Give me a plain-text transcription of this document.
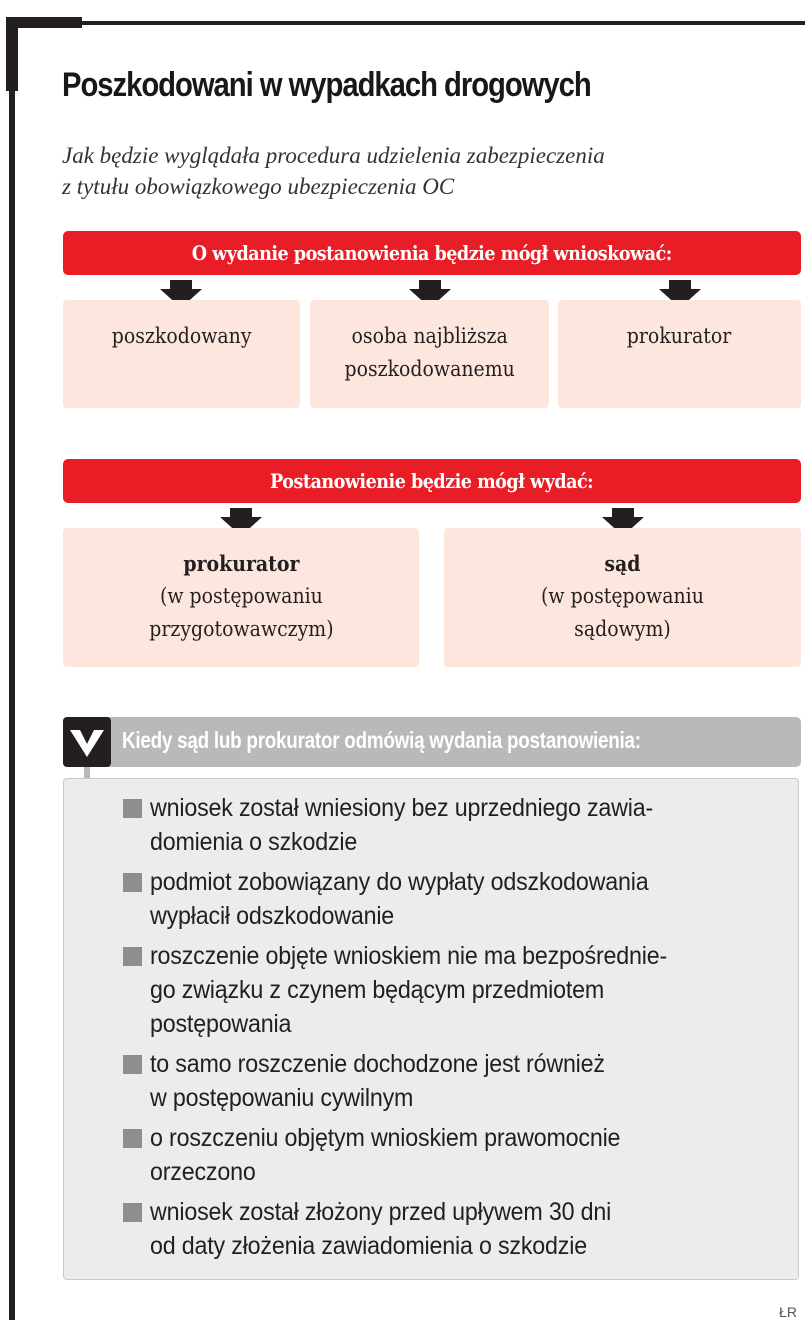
Poszkodowani w wypadkach drogowych
Jak będzie wyglądała procedura udzielenia zabezpieczenia
z tytułu obowiązkowego ubezpieczenia OC
O wydanie postanowienia będzie mógł wnioskować:
poszkodowany	osoba najbliższa
poszkodowanemu
prokurator
Postanowienie będzie mógł wydać:
prokurator
(w postępowaniu
przygotowawczym)
sąd
(w postępowaniu
sądowym)
Kiedy sąd lub prokurator odmówią wydania postanowienia:
wniosek został wniesiony bez uprzedniego zawia-
domienia o szkodzie
podmiot zobowiązany do wypłaty odszkodowania
wypłacił odszkodowanie
roszczenie objęte wnioskiem nie ma bezpośrednie-
go związku z czynem będącym przedmiotem
postępowania
to samo roszczenie dochodzone jest również
w postępowaniu cywilnym
o roszczeniu objętym wnioskiem prawomocnie
orzeczono
wniosek został złożony przed upływem 30 dni
od daty złożenia zawiadomienia o szkodzie
ŁR
